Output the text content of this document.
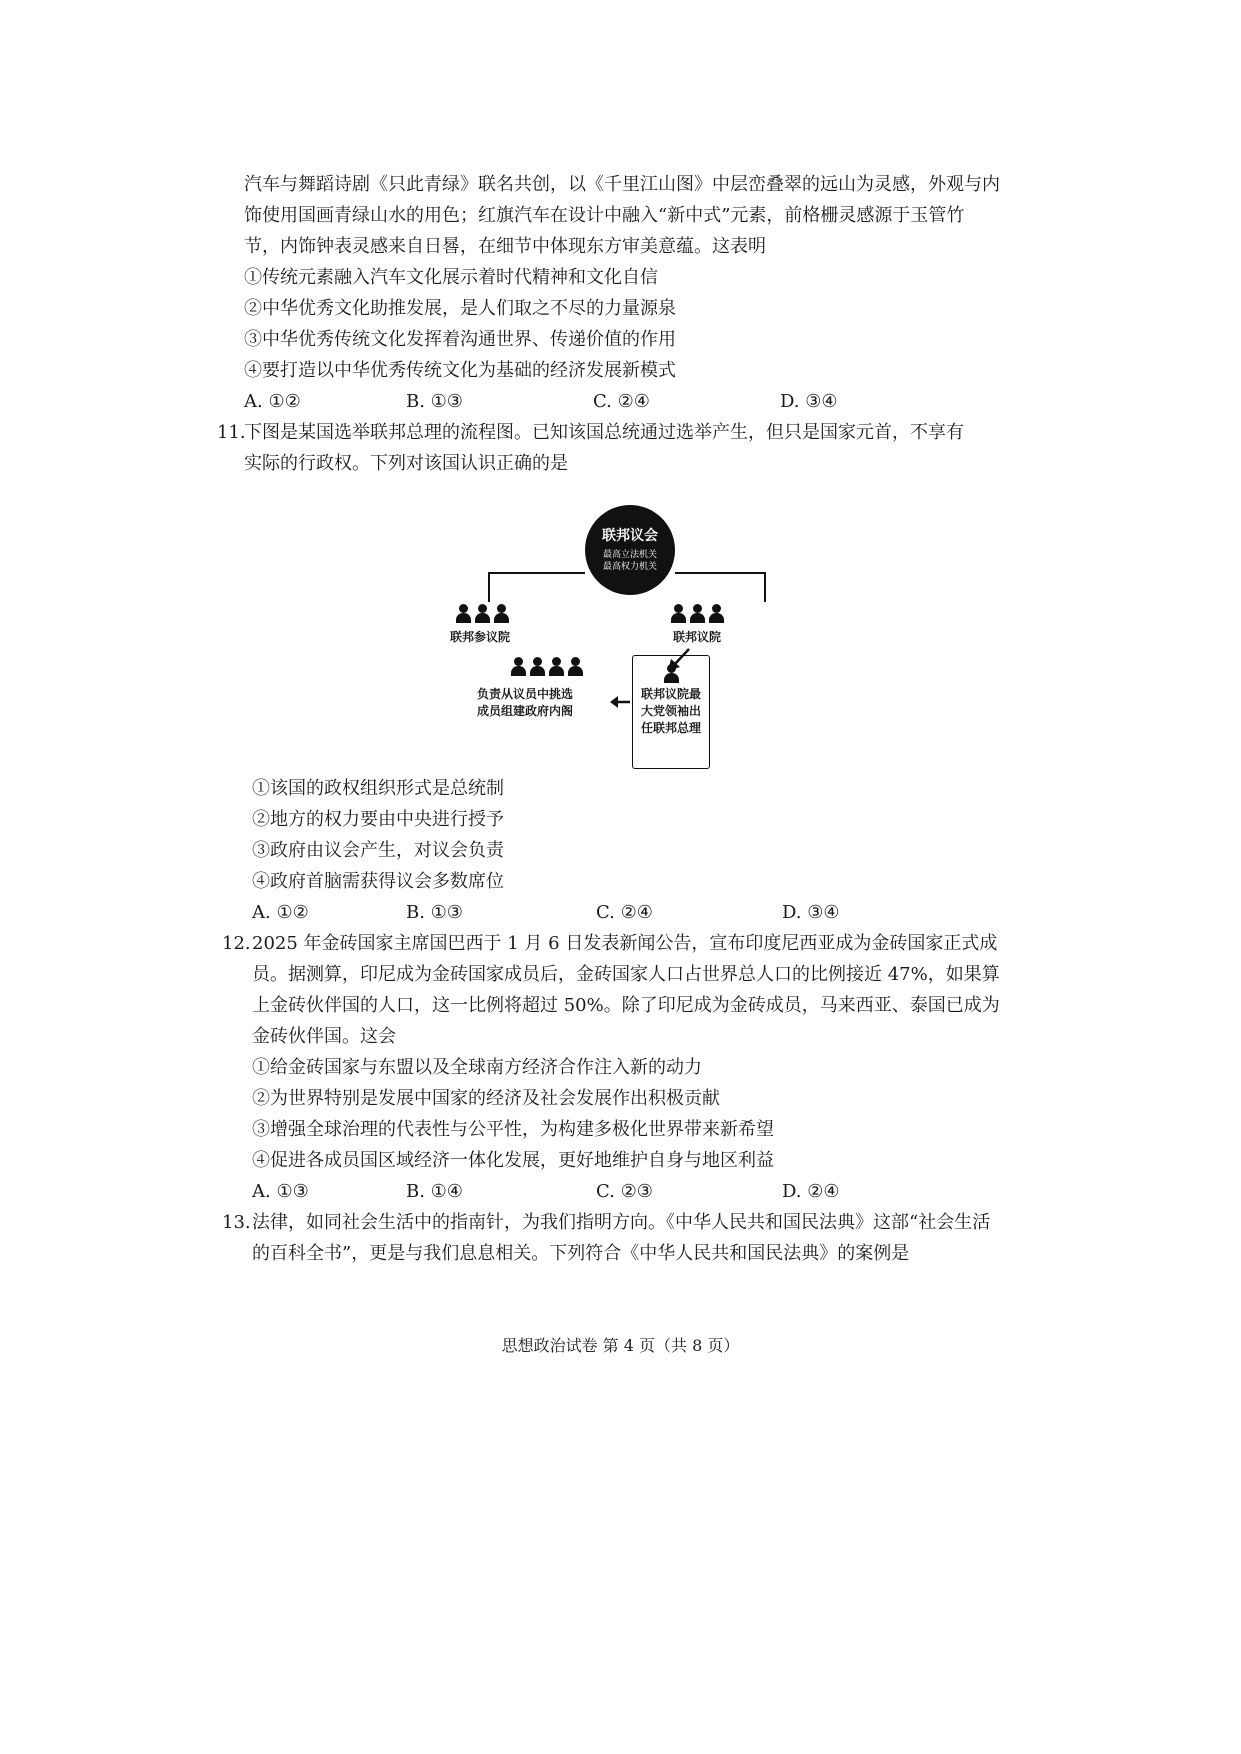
汽车与舞蹈诗剧《只此青绿》联名共创，以《千里江山图》中层峦叠翠的远山为灵感，外观与内
饰使用国画青绿山水的用色；红旗汽车在设计中融入“新中式”元素，前格栅灵感源于玉管竹
节，内饰钟表灵感来自日晷，在细节中体现东方审美意蕴。这表明
①传统元素融入汽车文化展示着时代精神和文化自信
②中华优秀文化助推发展，是人们取之不尽的力量源泉
③中华优秀传统文化发挥着沟通世界、传递价值的作用
④要打造以中华优秀传统文化为基础的经济发展新模式
A. ①②	B. ①③	C. ②④	D. ③④
11.
下图是某国选举联邦总理的流程图。已知该国总统通过选举产生，但只是国家元首，不享有
实际的行政权。下列对该国认识正确的是
联邦议会
最高立法机关
最高权力机关
联邦参议院	联邦议院
联邦议院最
大党领袖出
任联邦总理
负责从议员中挑选
成员组建政府内阁
①该国的政权组织形式是总统制
②地方的权力要由中央进行授予
③政府由议会产生，对议会负责
④政府首脑需获得议会多数席位
A. ①②	B. ①③	C. ②④	D. ③④
12. 2025 年金砖国家主席国巴西于 1 月 6 日发表新闻公告，宣布印度尼西亚成为金砖国家正式成
员。据测算，印尼成为金砖国家成员后，金砖国家人口占世界总人口的比例接近 47%，如果算
上金砖伙伴国的人口，这一比例将超过 50%。除了印尼成为金砖成员，马来西亚、泰国已成为
金砖伙伴国。这会
①给金砖国家与东盟以及全球南方经济合作注入新的动力
②为世界特别是发展中国家的经济及社会发展作出积极贡献
③增强全球治理的代表性与公平性，为构建多极化世界带来新希望
④促进各成员国区域经济一体化发展，更好地维护自身与地区利益
A. ①③	B. ①④	C. ②③	D. ②④
13. 法律，如同社会生活中的指南针，为我们指明方向。《中华人民共和国民法典》这部“社会生活
的百科全书”，更是与我们息息相关。下列符合《中华人民共和国民法典》的案例是
思想政治试卷 第 4 页（共 8 页）
